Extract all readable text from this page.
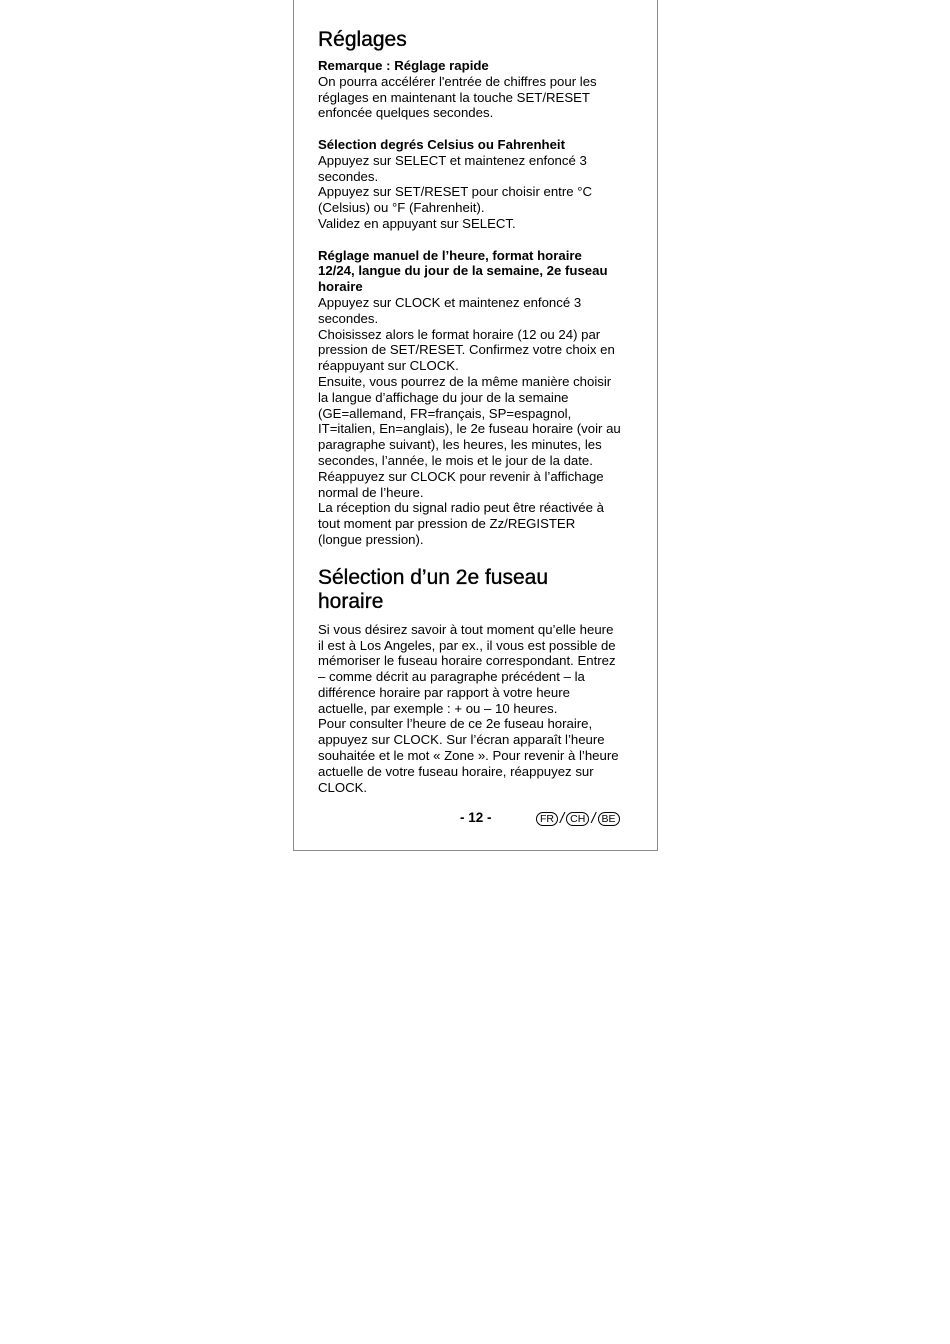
Réglages

Remarque : Réglage rapide

On pourra accélérer l'entrée de chiffres pour les

réglages en maintenant la touche SET/RESET

enfoncée quelques secondes.

Sélection degrés Celsius ou Fahrenheit

Appuyez sur SELECT et maintenez enfoncé 3

secondes.

Appuyez sur SET/RESET pour choisir entre °C

(Celsius) ou °F (Fahrenheit).

Validez en appuyant sur SELECT.

Réglage manuel de l’heure, format horaire

12/24, langue du jour de la semaine, 2e fuseau

horaire

Appuyez sur CLOCK et maintenez enfoncé 3

secondes.

Choisissez alors le format horaire (12 ou 24) par

pression de SET/RESET. Confirmez votre choix en

réappuyant sur CLOCK.

Ensuite, vous pourrez de la même manière choisir

la langue d’affichage du jour de la semaine

(GE=allemand, FR=français, SP=espagnol,

IT=italien, En=anglais), le 2e fuseau horaire (voir au

paragraphe suivant), les heures, les minutes, les

secondes, l’année, le mois et le jour de la date.

Réappuyez sur CLOCK pour revenir à l’affichage

normal de l’heure.

La réception du signal radio peut être réactivée à

tout moment par pression de Zz/REGISTER

(longue pression).

Sélection d’un 2e fuseau
horaire

Si vous désirez savoir à tout moment qu’elle heure

il est à Los Angeles, par ex., il vous est possible de

mémoriser le fuseau horaire correspondant. Entrez

– comme décrit au paragraphe précédent – la

différence horaire par rapport à votre heure

actuelle, par exemple : + ou – 10 heures.

Pour consulter l’heure de ce 2e fuseau horaire,

appuyez sur CLOCK. Sur l’écran apparaît l’heure

souhaitée et le mot « Zone ». Pour revenir à l’heure

actuelle de votre fuseau horaire, réappuyez sur

CLOCK.

- 12 -	FR / CH / BE
